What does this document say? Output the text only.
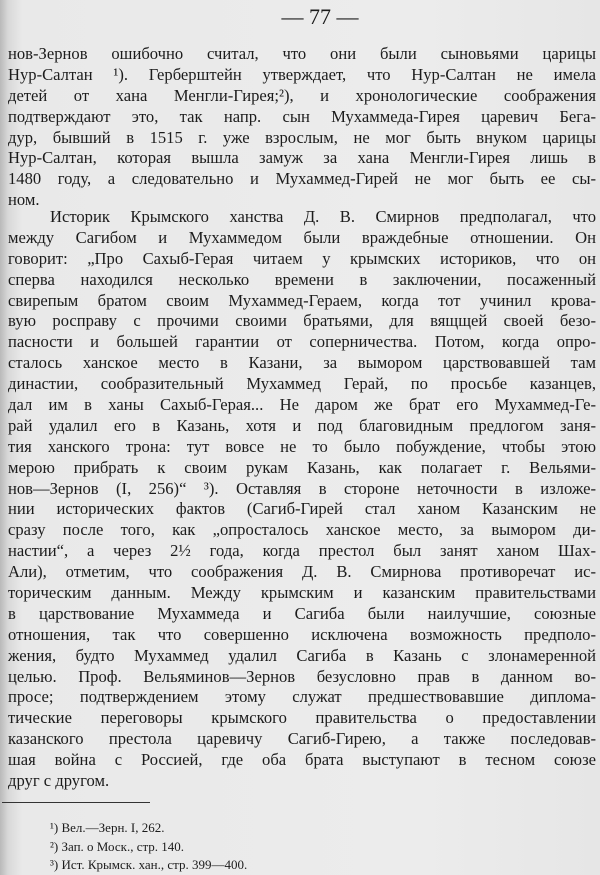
— 77 —
нов-Зернов ошибочно считал, что они были сыновьями царицы
Нур-Салтан ¹). Герберштейн утверждает, что Нур-Салтан не имела
детей от хана Менгли-Гирея;²), и хронологические соображения
подтверждают это, так напр. сын Мухаммеда-Гирея царевич Бега-
дур, бывший в 1515 г. уже взрослым, не мог быть внуком царицы
Нур-Салтан, которая вышла замуж за хана Менгли-Гирея лишь в
1480 году, а следовательно и Мухаммед-Гирей не мог быть ее сы-
ном.
Историк Крымского ханства Д. В. Смирнов предполагал, что
между Сагибом и Мухаммедом были враждебные отношении. Он
говорит: „Про Сахыб-Герая читаем у крымских историков, что он
сперва находился несколько времени в заключении, посаженный
свирепым братом своим Мухаммед-Гераем, когда тот учинил крова-
вую росправу с прочими своими братьями, для вящщей своей безо-
пасности и большей гарантии от соперничества. Потом, когда опро-
сталось ханское место в Казани, за вымором царствовавшей там
династии, сообразительный Мухаммед Герай, по просьбе казанцев,
дал им в ханы Сахыб-Герая... Не даром же брат его Мухаммед-Ге-
рай удалил его в Казань, хотя и под благовидным предлогом заня-
тия ханского трона: тут вовсе не то было побуждение, чтобы этою
мерою прибрать к своим рукам Казань, как полагает г. Вельями-
нов—Зернов (I, 256)“ ³). Оставляя в стороне неточности в изложе-
нии исторических фактов (Сагиб-Гирей стал ханом Казанским не
сразу после того, как „опросталось ханское место, за вымором ди-
настии“, а через 2½ года, когда престол был занят ханом Шах-
Али), отметим, что соображения Д. В. Смирнова противоречат ис-
торическим данным. Между крымским и казанским правительствами
в царствование Мухаммеда и Сагиба были наилучшие, союзные
отношения, так что совершенно исключена возможность предполо-
жения, будто Мухаммед удалил Сагиба в Казань с злонамеренной
целью. Проф. Вельяминов—Зернов безусловно прав в данном во-
просе; подтверждением этому служат предшествовавшие диплома-
тические переговоры крымского правительства о предоставлении
казанского престола царевичу Сагиб-Гирею, а также последовав-
шая война с Россией, где оба брата выступают в тесном союзе
друг с другом.
¹) Вел.—Зерн. I, 262.
²) Зап. о Моск., стр. 140.
³) Ист. Крымск. хан., стр. 399—400.
